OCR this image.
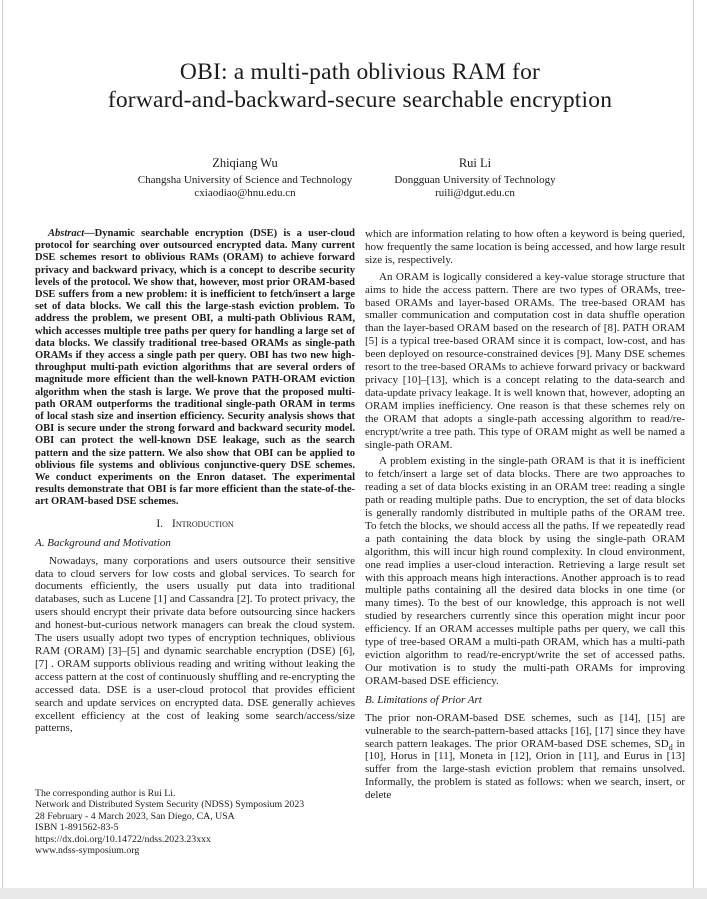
OBI: a multi-path oblivious RAM for
forward-and-backward-secure searchable encryption
Zhiqiang Wu
Changsha University of Science and Technology
cxiaodiao@hnu.edu.cn
Rui Li
Dongguan University of Technology
ruili@dgut.edu.cn

Abstract—Dynamic searchable encryption (DSE) is a user-cloud protocol for searching over outsourced encrypted data. Many current DSE schemes resort to oblivious RAMs (ORAM) to achieve forward privacy and backward privacy, which is a concept to describe security levels of the protocol. We show that, however, most prior ORAM-based DSE suffers from a new problem: it is inefficient to fetch/insert a large set of data blocks. We call this the large-stash eviction problem. To address the problem, we present OBI, a multi-path Oblivious RAM, which accesses multiple tree paths per query for handling a large set of data blocks. We classify traditional tree-based ORAMs as single-path ORAMs if they access a single path per query. OBI has two new high-throughput multi-path eviction algorithms that are several orders of magnitude more efficient than the well-known PATH-ORAM eviction algorithm when the stash is large. We prove that the proposed multi-path ORAM outperforms the traditional single-path ORAM in terms of local stash size and insertion efficiency. Security analysis shows that OBI is secure under the strong forward and backward security model. OBI can protect the well-known DSE leakage, such as the search pattern and the size pattern. We also show that OBI can be applied to oblivious file systems and oblivious conjunctive-query DSE schemes. We conduct experiments on the Enron dataset. The experimental results demonstrate that OBI is far more efficient than the state-of-the-art ORAM-based DSE schemes.

I. Introduction
A. Background and Motivation

Nowadays, many corporations and users outsource their sensitive data to cloud servers for low costs and global services. To search for documents efficiently, the users usually put data into traditional databases, such as Lucene [1] and Cassandra [2]. To protect privacy, the users should encrypt their private data before outsourcing since hackers and honest-but-curious network managers can break the cloud system. The users usually adopt two types of encryption techniques, oblivious RAM (ORAM) [3]–[5] and dynamic searchable encryption (DSE) [6], [7] . ORAM supports oblivious reading and writing without leaking the access pattern at the cost of continuously shuffling and re-encrypting the accessed data. DSE is a user-cloud protocol that provides efficient search and update services on encrypted data. DSE generally achieves excellent efficiency at the cost of leaking some search/access/size patterns,

which are information relating to how often a keyword is being queried, how frequently the same location is being accessed, and how large result size is, respectively.

An ORAM is logically considered a key-value storage structure that aims to hide the access pattern. There are two types of ORAMs, tree-based ORAMs and layer-based ORAMs. The tree-based ORAM has smaller communication and computation cost in data shuffle operation than the layer-based ORAM based on the research of [8]. PATH ORAM [5] is a typical tree-based ORAM since it is compact, low-cost, and has been deployed on resource-constrained devices [9]. Many DSE schemes resort to the tree-based ORAMs to achieve forward privacy or backward privacy [10]–[13], which is a concept relating to the data-search and data-update privacy leakage. It is well known that, however, adopting an ORAM implies inefficiency. One reason is that these schemes rely on the ORAM that adopts a single-path accessing algorithm to read/re-encrypt/write a tree path. This type of ORAM might as well be named a single-path ORAM.

A problem existing in the single-path ORAM is that it is inefficient to fetch/insert a large set of data blocks. There are two approaches to reading a set of data blocks existing in an ORAM tree: reading a single path or reading multiple paths. Due to encryption, the set of data blocks is generally randomly distributed in multiple paths of the ORAM tree. To fetch the blocks, we should access all the paths. If we repeatedly read a path containing the data block by using the single-path ORAM algorithm, this will incur high round complexity. In cloud environment, one read implies a user-cloud interaction. Retrieving a large result set with this approach means high interactions. Another approach is to read multiple paths containing all the desired data blocks in one time (or many times). To the best of our knowledge, this approach is not well studied by researchers currently since this operation might incur poor efficiency. If an ORAM accesses multiple paths per query, we call this type of tree-based ORAM a multi-path ORAM, which has a multi-path eviction algorithm to read/re-encrypt/write the set of accessed paths. Our motivation is to study the multi-path ORAMs for improving ORAM-based DSE efficiency.

B. Limitations of Prior Art

The prior non-ORAM-based DSE schemes, such as [14], [15] are vulnerable to the search-pattern-based attacks [16], [17] since they have search pattern leakages. The prior ORAM-based DSE schemes, $SD_d$ in [10], Horus in [11], Moneta in [12], Orion in [11], and Eurus in [13] suffer from the large-stash eviction problem that remains unsolved. Informally, the problem is stated as follows: when we search, insert, or delete

The corresponding author is Rui Li.
Network and Distributed System Security (NDSS) Symposium 2023
28 February - 4 March 2023, San Diego, CA, USA
ISBN 1-891562-83-5
https://dx.doi.org/10.14722/ndss.2023.23xxx
www.ndss-symposium.org
